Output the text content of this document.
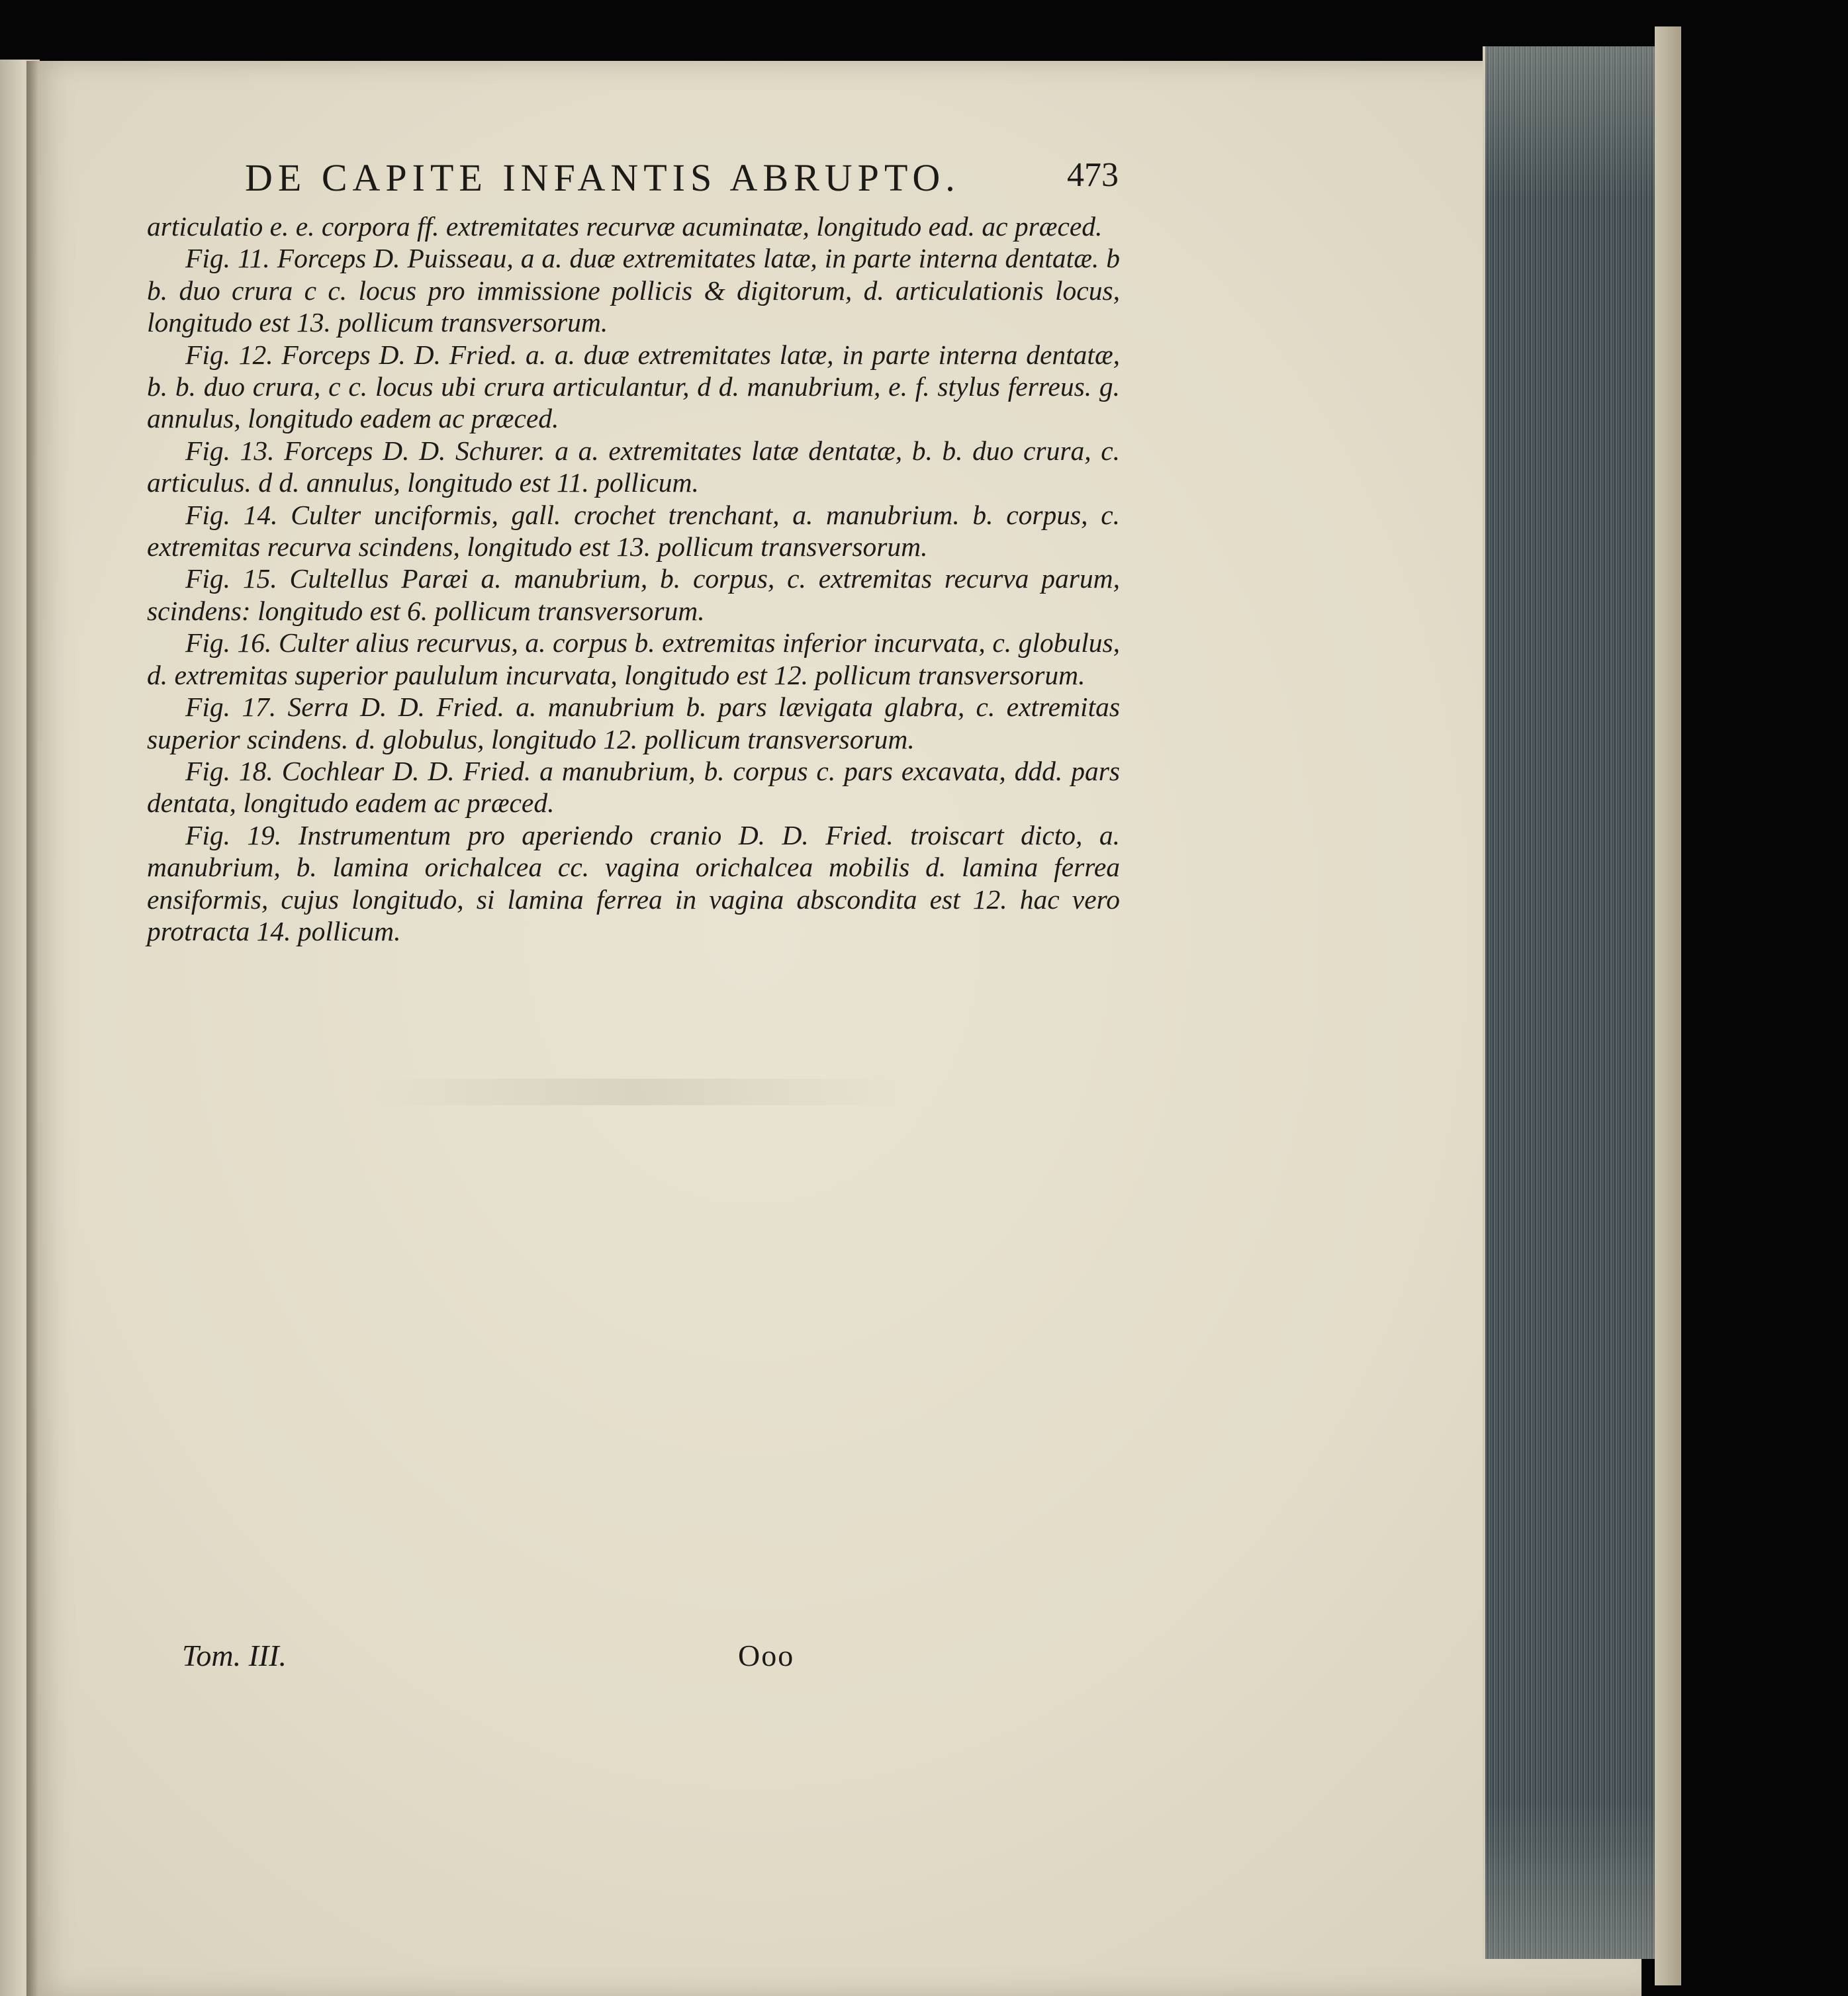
DE CAPITE INFANTIS ABRUPTO.	473

articulatio e. e. corpora ff. extremitates recurvæ acuminatæ, longitudo ead. ac præced.

Fig. 11. Forceps D. Puisseau, a a. duæ extremitates latæ, in parte interna dentatæ. b b. duo crura c c. locus pro immissione pollicis & digitorum, d. articulationis locus, longitudo est 13. pollicum transversorum.

Fig. 12. Forceps D. D. Fried. a. a. duæ extremitates latæ, in parte interna dentatæ, b. b. duo crura, c c. locus ubi crura articulantur, d d. manubrium, e. f. stylus ferreus. g. annulus, longitudo eadem ac præced.

Fig. 13. Forceps D. D. Schurer. a a. extremitates latæ dentatæ, b. b. duo crura, c. articulus. d d. annulus, longitudo est 11. pollicum.

Fig. 14. Culter unciformis, gall. crochet trenchant, a. manubrium. b. corpus, c. extremitas recurva scindens, longitudo est 13. pollicum transversorum.

Fig. 15. Cultellus Paræi a. manubrium, b. corpus, c. extremitas recurva parum, scindens: longitudo est 6. pollicum transversorum.

Fig. 16. Culter alius recurvus, a. corpus b. extremitas inferior incurvata, c. globulus, d. extremitas superior paululum incurvata, longitudo est 12. pollicum transversorum.

Fig. 17. Serra D. D. Fried. a. manubrium b. pars lævigata glabra, c. extremitas superior scindens. d. globulus, longitudo 12. pollicum transversorum.

Fig. 18. Cochlear D. D. Fried. a manubrium, b. corpus c. pars excavata, ddd. pars dentata, longitudo eadem ac præced.

Fig. 19. Instrumentum pro aperiendo cranio D. D. Fried. troiscart dicto, a. manubrium, b. lamina orichalcea cc. vagina orichalcea mobilis d. lamina ferrea ensiformis, cujus longitudo, si lamina ferrea in vagina abscondita est 12. hac vero protracta 14. pollicum.

Tom. III.	Ooo
